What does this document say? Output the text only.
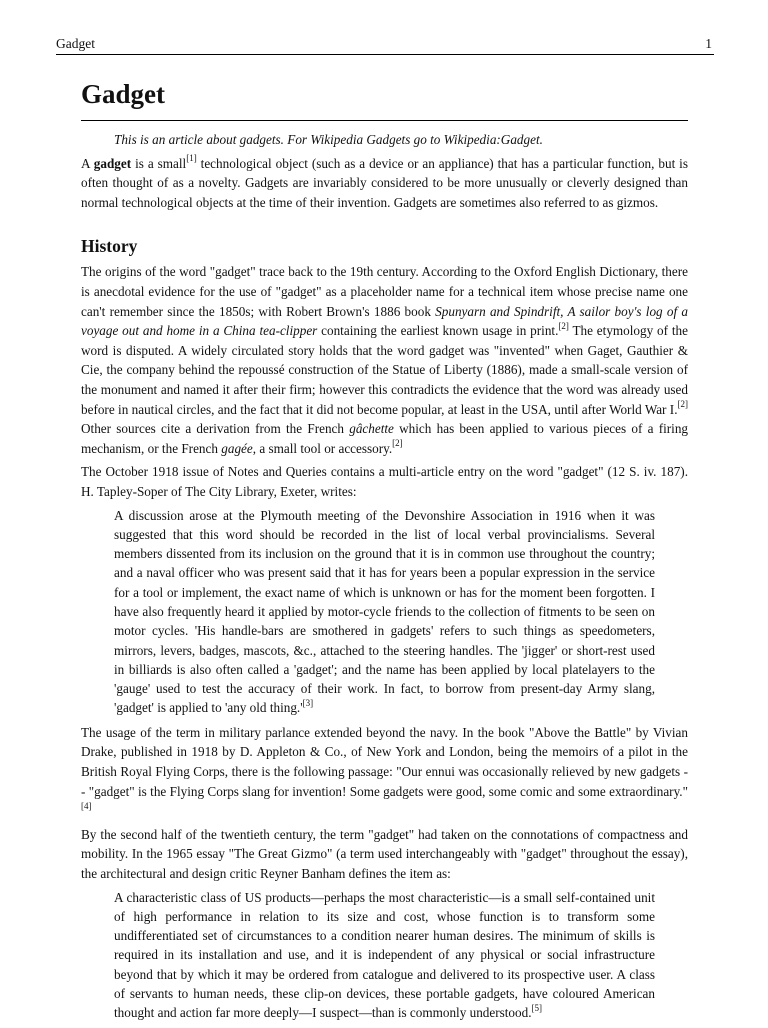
Gadget	1
Gadget
This is an article about gadgets. For Wikipedia Gadgets go to Wikipedia:Gadget.

A gadget is a small[1] technological object (such as a device or an appliance) that has a particular function, but is often thought of as a novelty. Gadgets are invariably considered to be more unusually or cleverly designed than normal technological objects at the time of their invention. Gadgets are sometimes also referred to as gizmos.

History

The origins of the word "gadget" trace back to the 19th century. According to the Oxford English Dictionary, there is anecdotal evidence for the use of "gadget" as a placeholder name for a technical item whose precise name one can't remember since the 1850s; with Robert Brown's 1886 book Spunyarn and Spindrift, A sailor boy's log of a voyage out and home in a China tea-clipper containing the earliest known usage in print.[2] The etymology of the word is disputed. A widely circulated story holds that the word gadget was "invented" when Gaget, Gauthier & Cie, the company behind the repoussé construction of the Statue of Liberty (1886), made a small-scale version of the monument and named it after their firm; however this contradicts the evidence that the word was already used before in nautical circles, and the fact that it did not become popular, at least in the USA, until after World War I.[2] Other sources cite a derivation from the French gâchette which has been applied to various pieces of a firing mechanism, or the French gagée, a small tool or accessory.[2]

The October 1918 issue of Notes and Queries contains a multi-article entry on the word "gadget" (12 S. iv. 187). H. Tapley-Soper of The City Library, Exeter, writes:

A discussion arose at the Plymouth meeting of the Devonshire Association in 1916 when it was suggested that this word should be recorded in the list of local verbal provincialisms. Several members dissented from its inclusion on the ground that it is in common use throughout the country; and a naval officer who was present said that it has for years been a popular expression in the service for a tool or implement, the exact name of which is unknown or has for the moment been forgotten. I have also frequently heard it applied by motor-cycle friends to the collection of fitments to be seen on motor cycles. 'His handle-bars are smothered in gadgets' refers to such things as speedometers, mirrors, levers, badges, mascots, &c., attached to the steering handles. The 'jigger' or short-rest used in billiards is also often called a 'gadget'; and the name has been applied by local platelayers to the 'gauge' used to test the accuracy of their work. In fact, to borrow from present-day Army slang, 'gadget' is applied to 'any old thing.'[3]

The usage of the term in military parlance extended beyond the navy. In the book "Above the Battle" by Vivian Drake, published in 1918 by D. Appleton & Co., of New York and London, being the memoirs of a pilot in the British Royal Flying Corps, there is the following passage: "Our ennui was occasionally relieved by new gadgets -- "gadget" is the Flying Corps slang for invention! Some gadgets were good, some comic and some extraordinary."[4]

By the second half of the twentieth century, the term "gadget" had taken on the connotations of compactness and mobility. In the 1965 essay "The Great Gizmo" (a term used interchangeably with "gadget" throughout the essay), the architectural and design critic Reyner Banham defines the item as:

A characteristic class of US products—perhaps the most characteristic—is a small self-contained unit of high performance in relation to its size and cost, whose function is to transform some undifferentiated set of circumstances to a condition nearer human desires. The minimum of skills is required in its installation and use, and it is independent of any physical or social infrastructure beyond that by which it may be ordered from catalogue and delivered to its prospective user. A class of servants to human needs, these clip-on devices, these portable gadgets, have coloured American thought and action far more deeply—I suspect—than is commonly understood.[5]
